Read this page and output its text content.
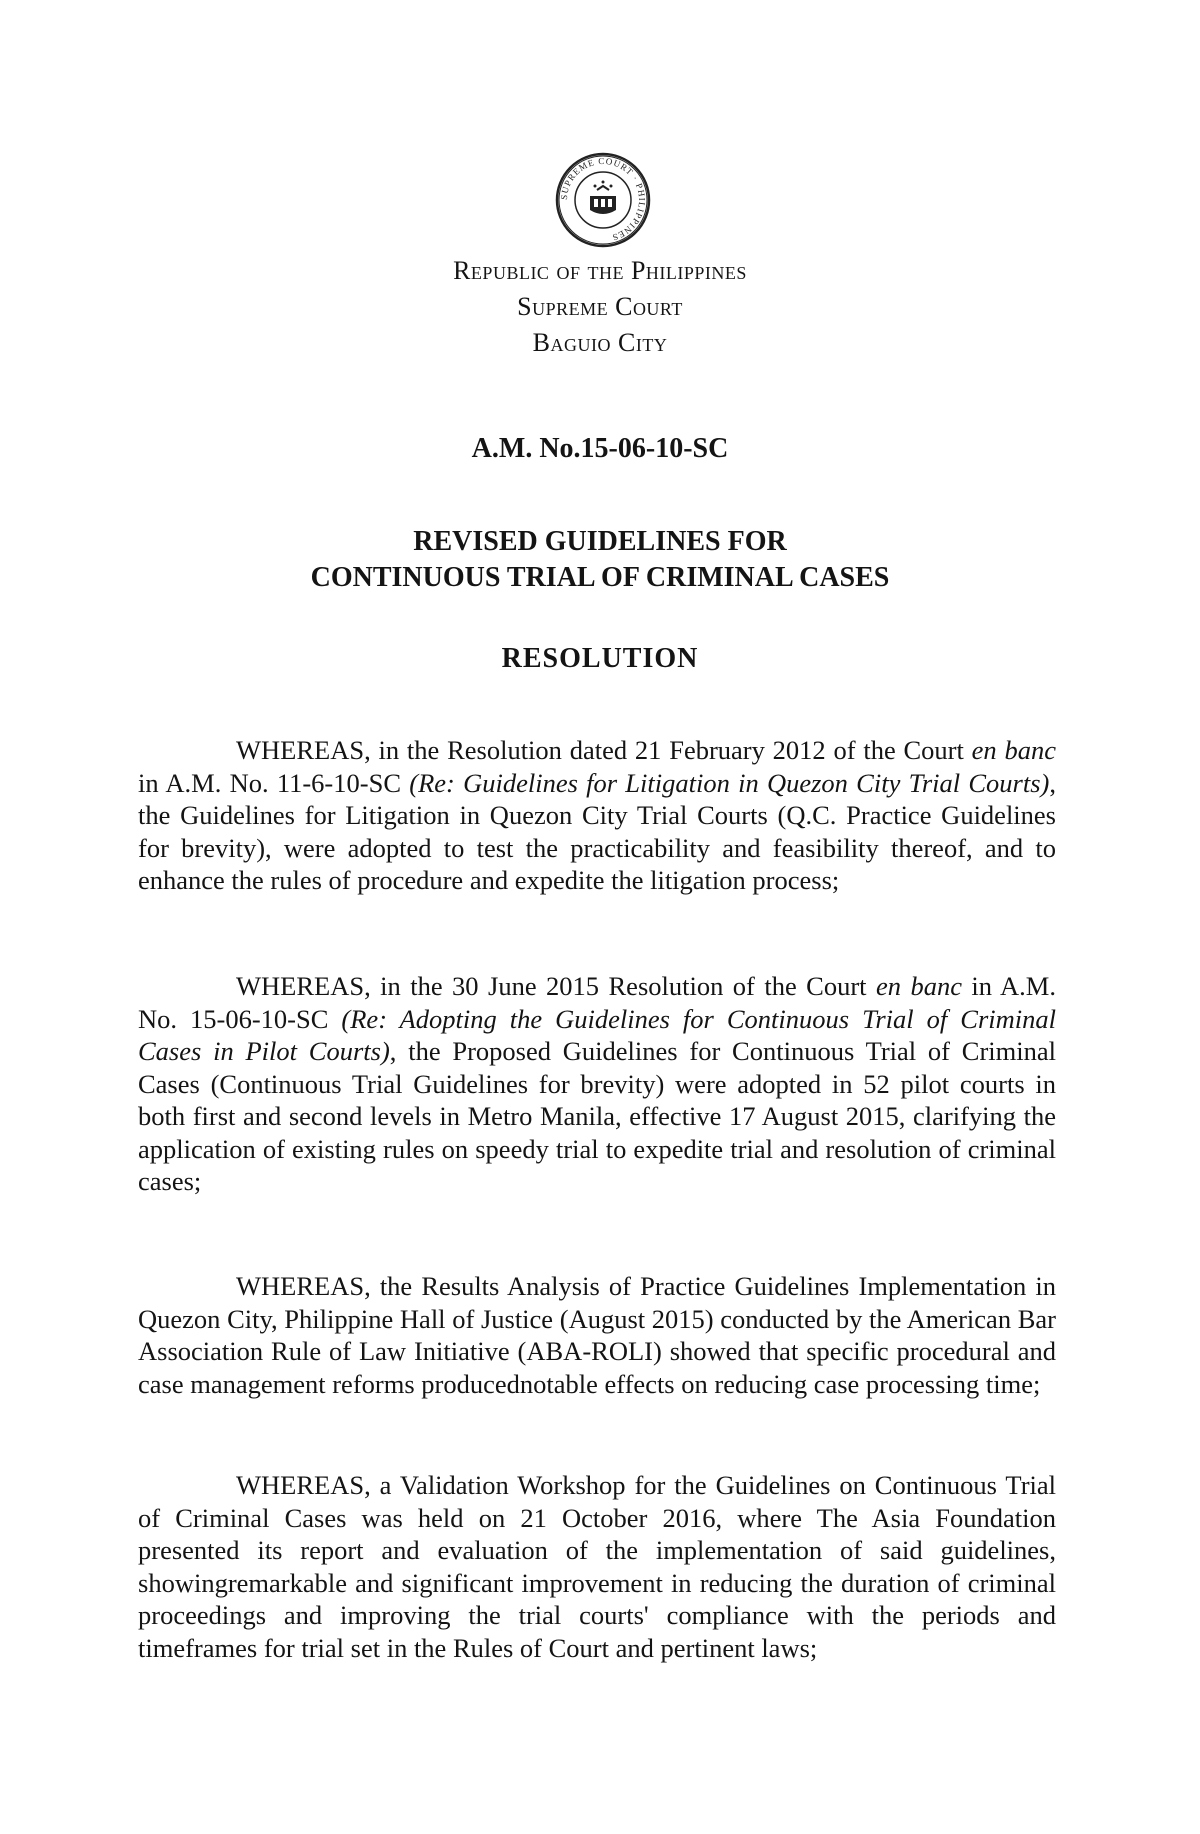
SUPREME COURT · PHILIPPINES
Republic of the Philippines
Supreme Court
Baguio City
A.M. No.15-06-10-SC
REVISED GUIDELINES FOR
CONTINUOUS TRIAL OF CRIMINAL CASES
RESOLUTION
WHEREAS, in the Resolution dated 21 February 2012 of the Court en banc in A.M. No. 11-6-10-SC (Re: Guidelines for Litigation in Quezon City Trial Courts), the Guidelines for Litigation in Quezon City Trial Courts (Q.C. Practice Guidelines for brevity), were adopted to test the practicability and feasibility thereof, and to enhance the rules of procedure and expedite the litigation process;
WHEREAS, in the 30 June 2015 Resolution of the Court en banc in A.M. No. 15-06-10-SC (Re: Adopting the Guidelines for Continuous Trial of Criminal Cases in Pilot Courts), the Proposed Guidelines for Continuous Trial of Criminal Cases (Continuous Trial Guidelines for brevity) were adopted in 52 pilot courts in both first and second levels in Metro Manila, effective 17 August 2015, clarifying the application of existing rules on speedy trial to expedite trial and resolution of criminal cases;
WHEREAS, the Results Analysis of Practice Guidelines Implementation in Quezon City, Philippine Hall of Justice (August 2015) conducted by the American Bar Association Rule of Law Initiative (ABA-ROLI) showed that specific procedural and case management reforms producednotable effects on reducing case processing time;
WHEREAS, a Validation Workshop for the Guidelines on Continuous Trial of Criminal Cases was held on 21 October 2016, where The Asia Foundation presented its report and evaluation of the implementation of said guidelines, showingremarkable and significant improvement in reducing the duration of criminal proceedings and improving the trial courts' compliance with the periods and timeframes for trial set in the Rules of Court and pertinent laws;
